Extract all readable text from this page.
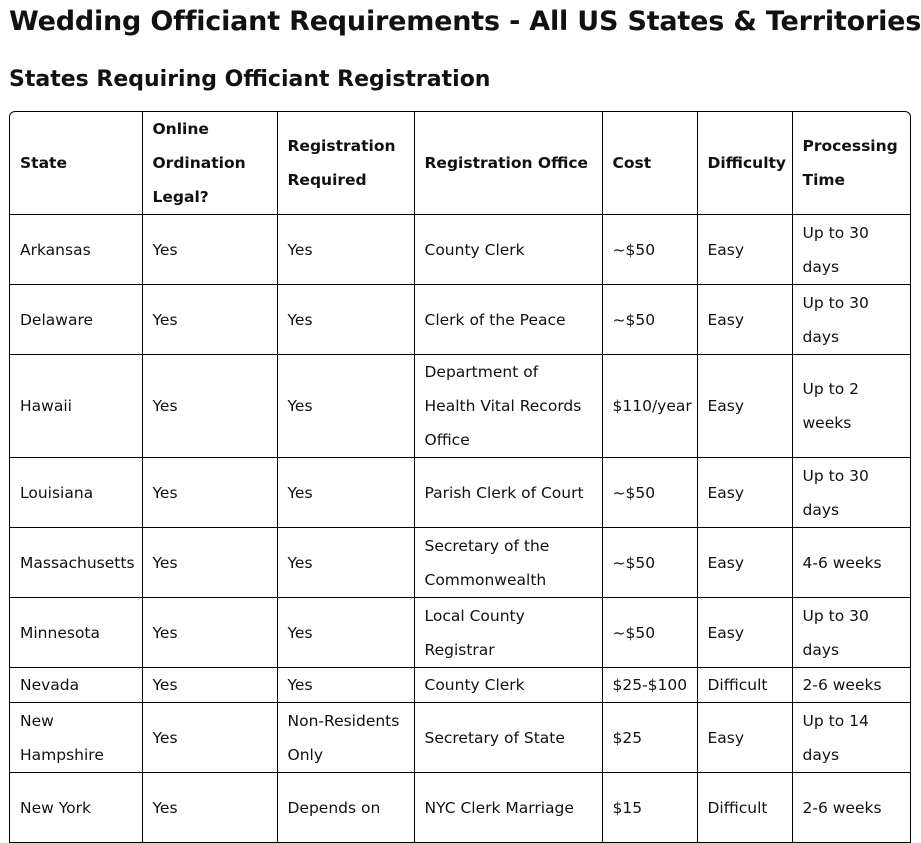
Wedding Officiant Requirements - All US States & Territories
States Requiring Officiant Registration
State	Online Ordination Legal?	Registration Required	Registration Office	Cost	Difficulty	Processing Time
Arkansas	Yes	Yes	County Clerk	~$50	Easy	Up to 30 days
Delaware	Yes	Yes	Clerk of the Peace	~$50	Easy	Up to 30 days
Hawaii	Yes	Yes	Department of Health Vital Records Office	$110/year	Easy	Up to 2 weeks
Louisiana	Yes	Yes	Parish Clerk of Court	~$50	Easy	Up to 30 days
Massachusetts	Yes	Yes	Secretary of the Commonwealth	~$50	Easy	4-6 weeks
Minnesota	Yes	Yes	Local County Registrar	~$50	Easy	Up to 30 days
Nevada	Yes	Yes	County Clerk	$25-$100	Difficult	2-6 weeks
New Hampshire	Yes	Non-Residents Only	Secretary of State	$25	Easy	Up to 14 days
New York	Yes	Depends on	NYC Clerk Marriage	$15	Difficult	2-6 weeks
